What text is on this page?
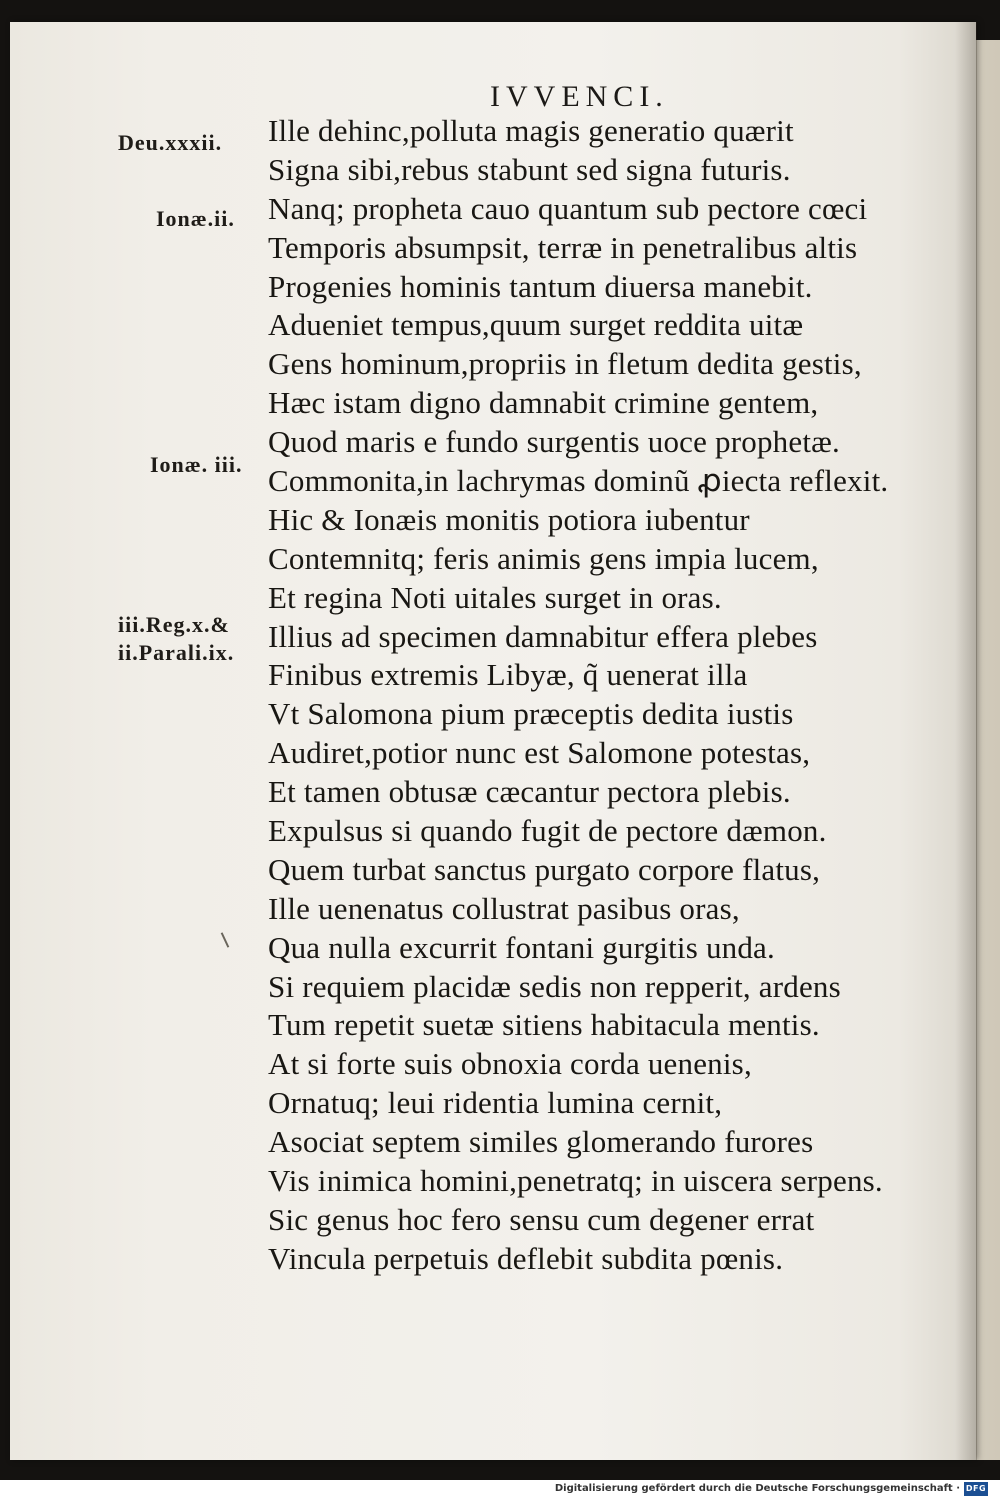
IVVENCI.
Deu.xxxii.
Ionæ.ii.
Ionæ. iii.
iii.Reg.x.&
ii.Parali.ix.
Ille dehinc,polluta magis generatio quærit
Signa sibi,rebus stabunt sed signa futuris.
Nanq; propheta cauo quantum sub pectore cœci
Temporis absumpsit, terræ in penetralibus altis
Progenies hominis tantum diuersa manebit.
Adueniet tempus,quum surget reddita uitæ
Gens hominum,propriis in fletum dedita gestis,
Hæc istam digno damnabit crimine gentem,
Quod maris e fundo surgentis uoce prophetæ.
Commonita,in lachrymas dominũ ꝓiecta reflexit.
Hic & Ionæis monitis potiora iubentur
Contemnitq; feris animis gens impia lucem,
Et regina Noti uitales surget in oras.
Illius ad specimen damnabitur effera plebes
Finibus extremis Libyæ, q̃ uenerat illa
Vt Salomona pium præceptis dedita iustis
Audiret,potior nunc est Salomone potestas,
Et tamen obtusæ cæcantur pectora plebis.
Expulsus si quando fugit de pectore dæmon.
Quem turbat sanctus purgato corpore flatus,
Ille uenenatus collustrat pasibus oras,
Qua nulla excurrit fontani gurgitis unda.
Si requiem placidæ sedis non repperit, ardens
Tum repetit suetæ sitiens habitacula mentis.
At si forte suis obnoxia corda uenenis,
Ornatuq; leui ridentia lumina cernit,
Asociat septem similes glomerando furores
Vis inimica homini,penetratq; in uiscera serpens.
Sic genus hoc fero sensu cum degener errat
Vincula perpetuis deflebit subdita pœnis.
Digitalisierung gefördert durch die Deutsche Forschungsgemeinschaft · DFG
